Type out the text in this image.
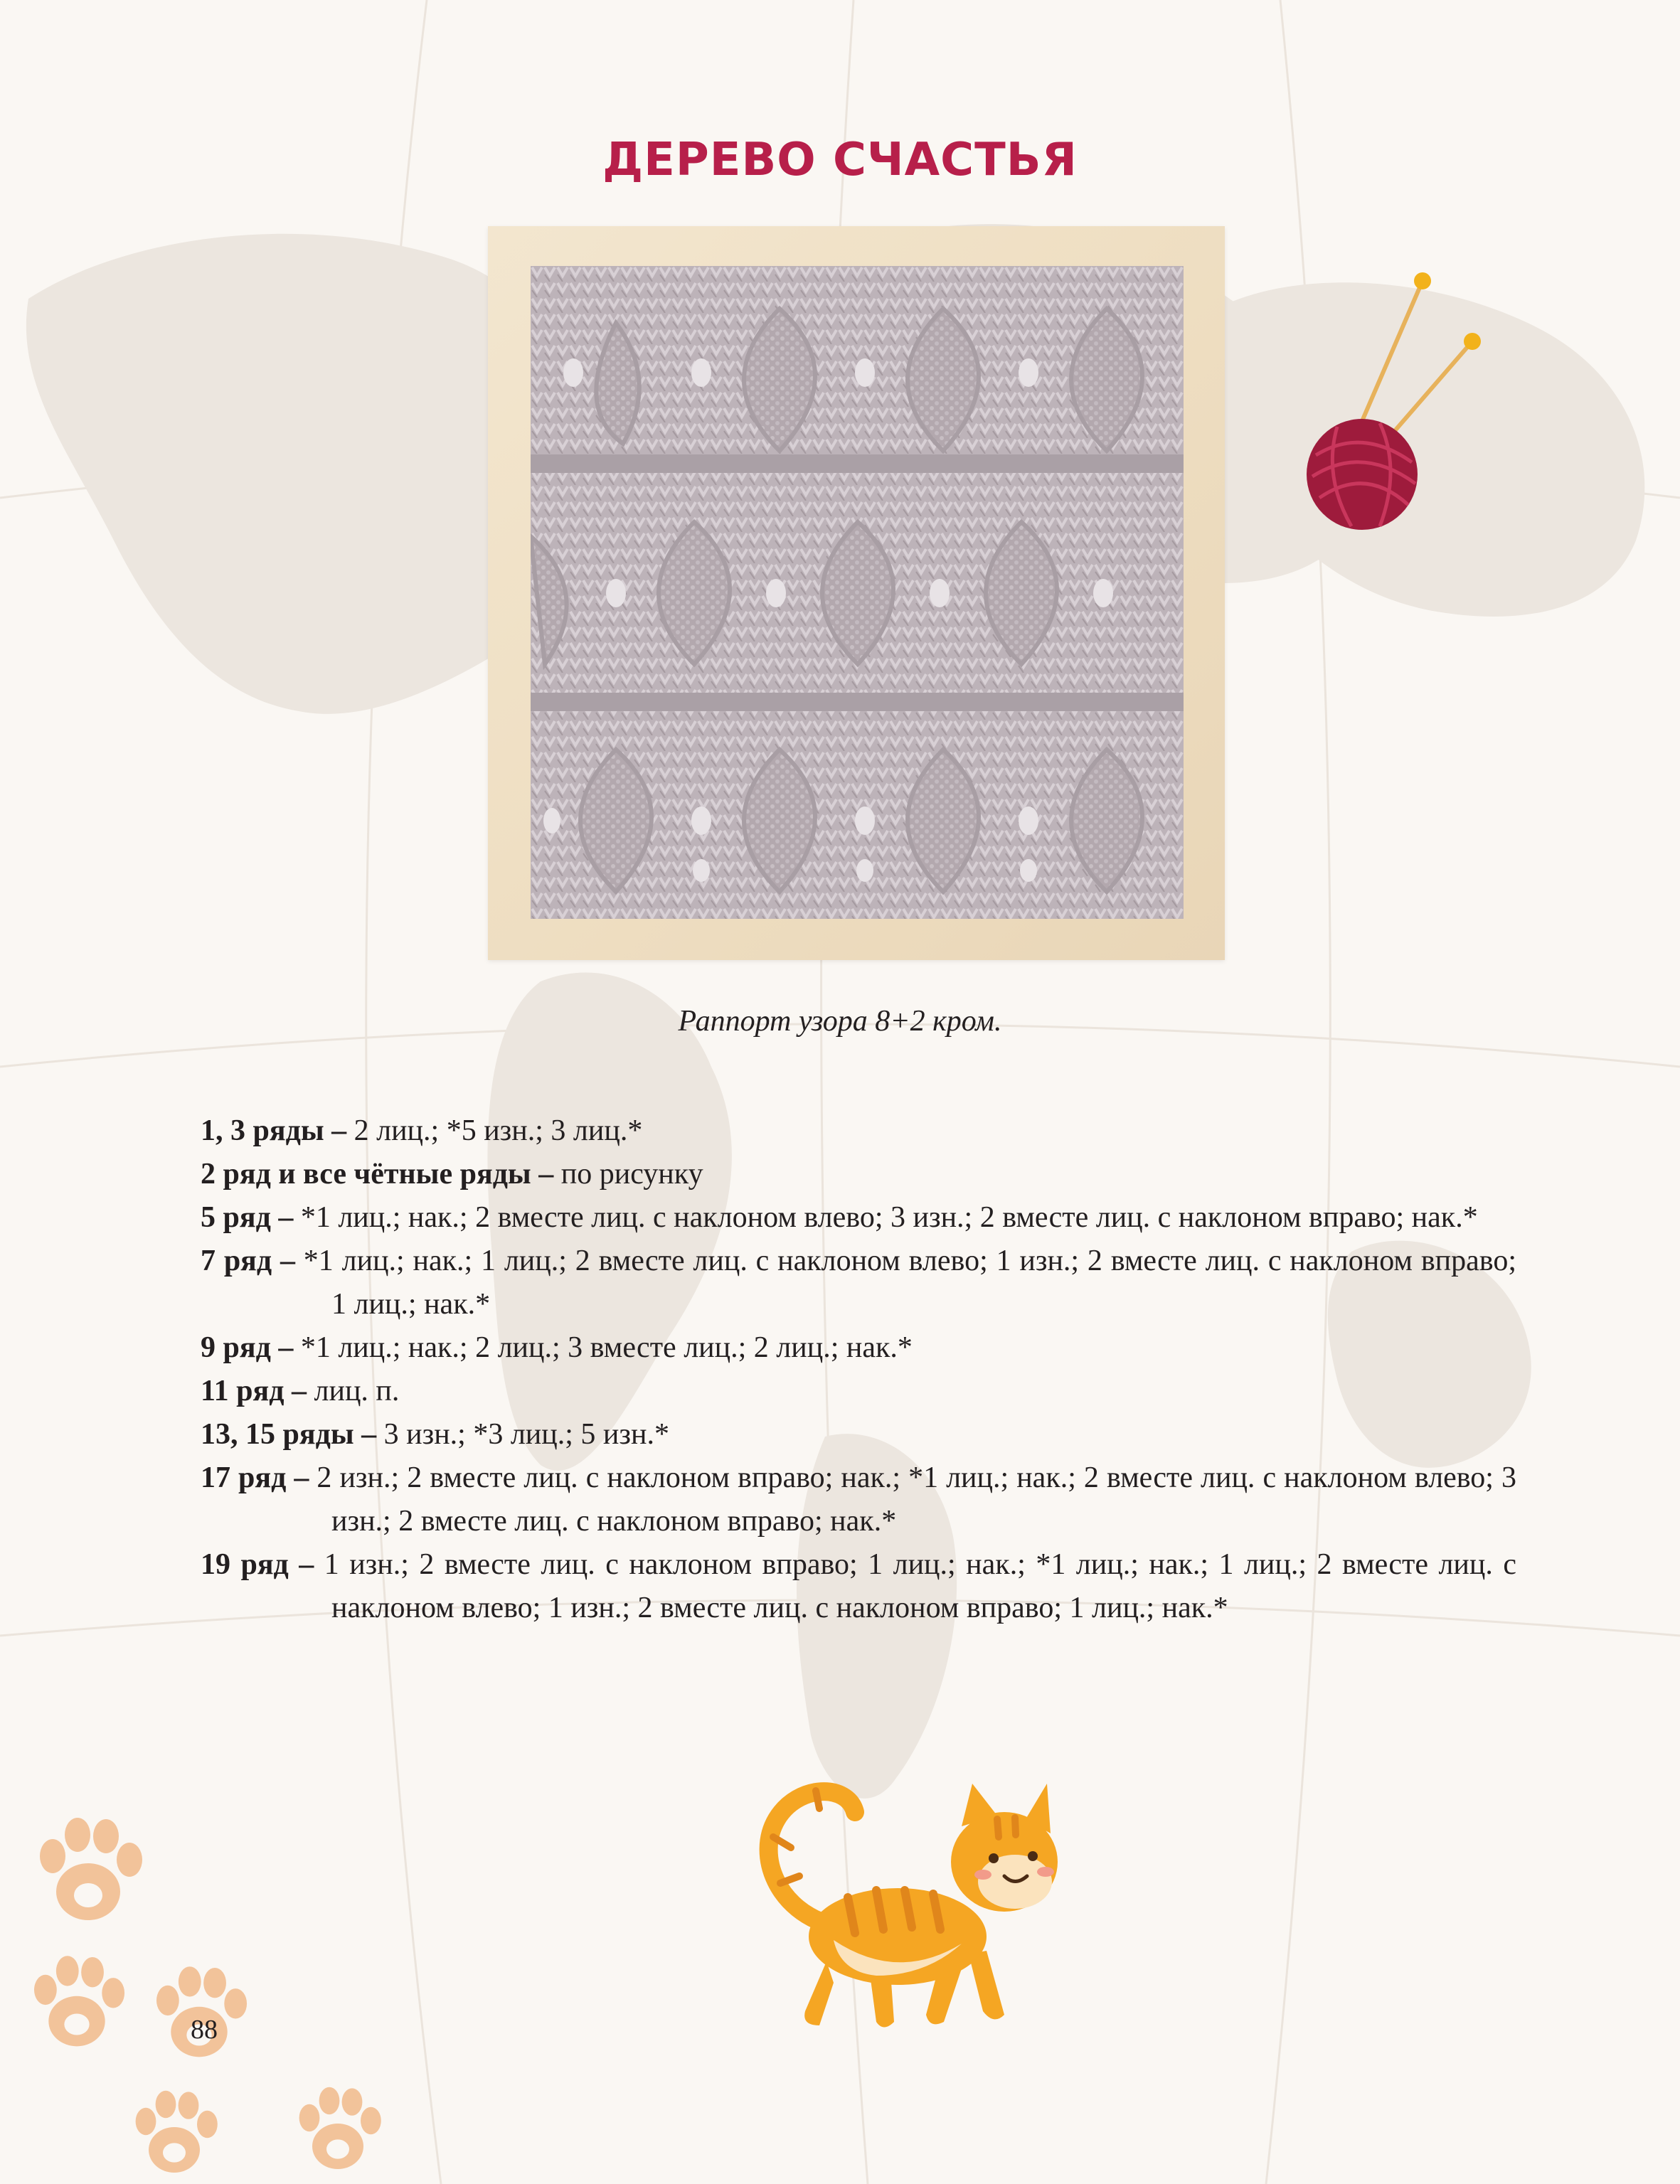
ДЕРЕВО СЧАСТЬЯ
Раппорт узора 8+2 кром.
1, 3 ряды – 2 лиц.; *5 изн.; 3 лиц.*
2 ряд и все чётные ряды – по рисунку
5 ряд – *1 лиц.; нак.; 2 вместе лиц. с наклоном влево; 3 изн.; 2 вместе лиц. с наклоном вправо; нак.*
7 ряд – *1 лиц.; нак.; 1 лиц.; 2 вместе лиц. с наклоном влево; 1 изн.; 2 вместе лиц. с наклоном вправо; 1 лиц.; нак.*
9 ряд – *1 лиц.; нак.; 2 лиц.; 3 вместе лиц.; 2 лиц.; нак.*
11 ряд – лиц. п.
13, 15 ряды – 3 изн.; *3 лиц.; 5 изн.*
17 ряд – 2 изн.; 2 вместе лиц. с наклоном вправо; нак.; *1 лиц.; нак.; 2 вместе лиц. с наклоном влево; 3 изн.; 2 вместе лиц. с наклоном вправо; нак.*
19 ряд – 1 изн.; 2 вместе лиц. с наклоном вправо; 1 лиц.; нак.; *1 лиц.; нак.; 1 лиц.; 2 вместе лиц. с наклоном влево; 1 изн.; 2 вместе лиц. с наклоном вправо; 1 лиц.; нак.*
88
